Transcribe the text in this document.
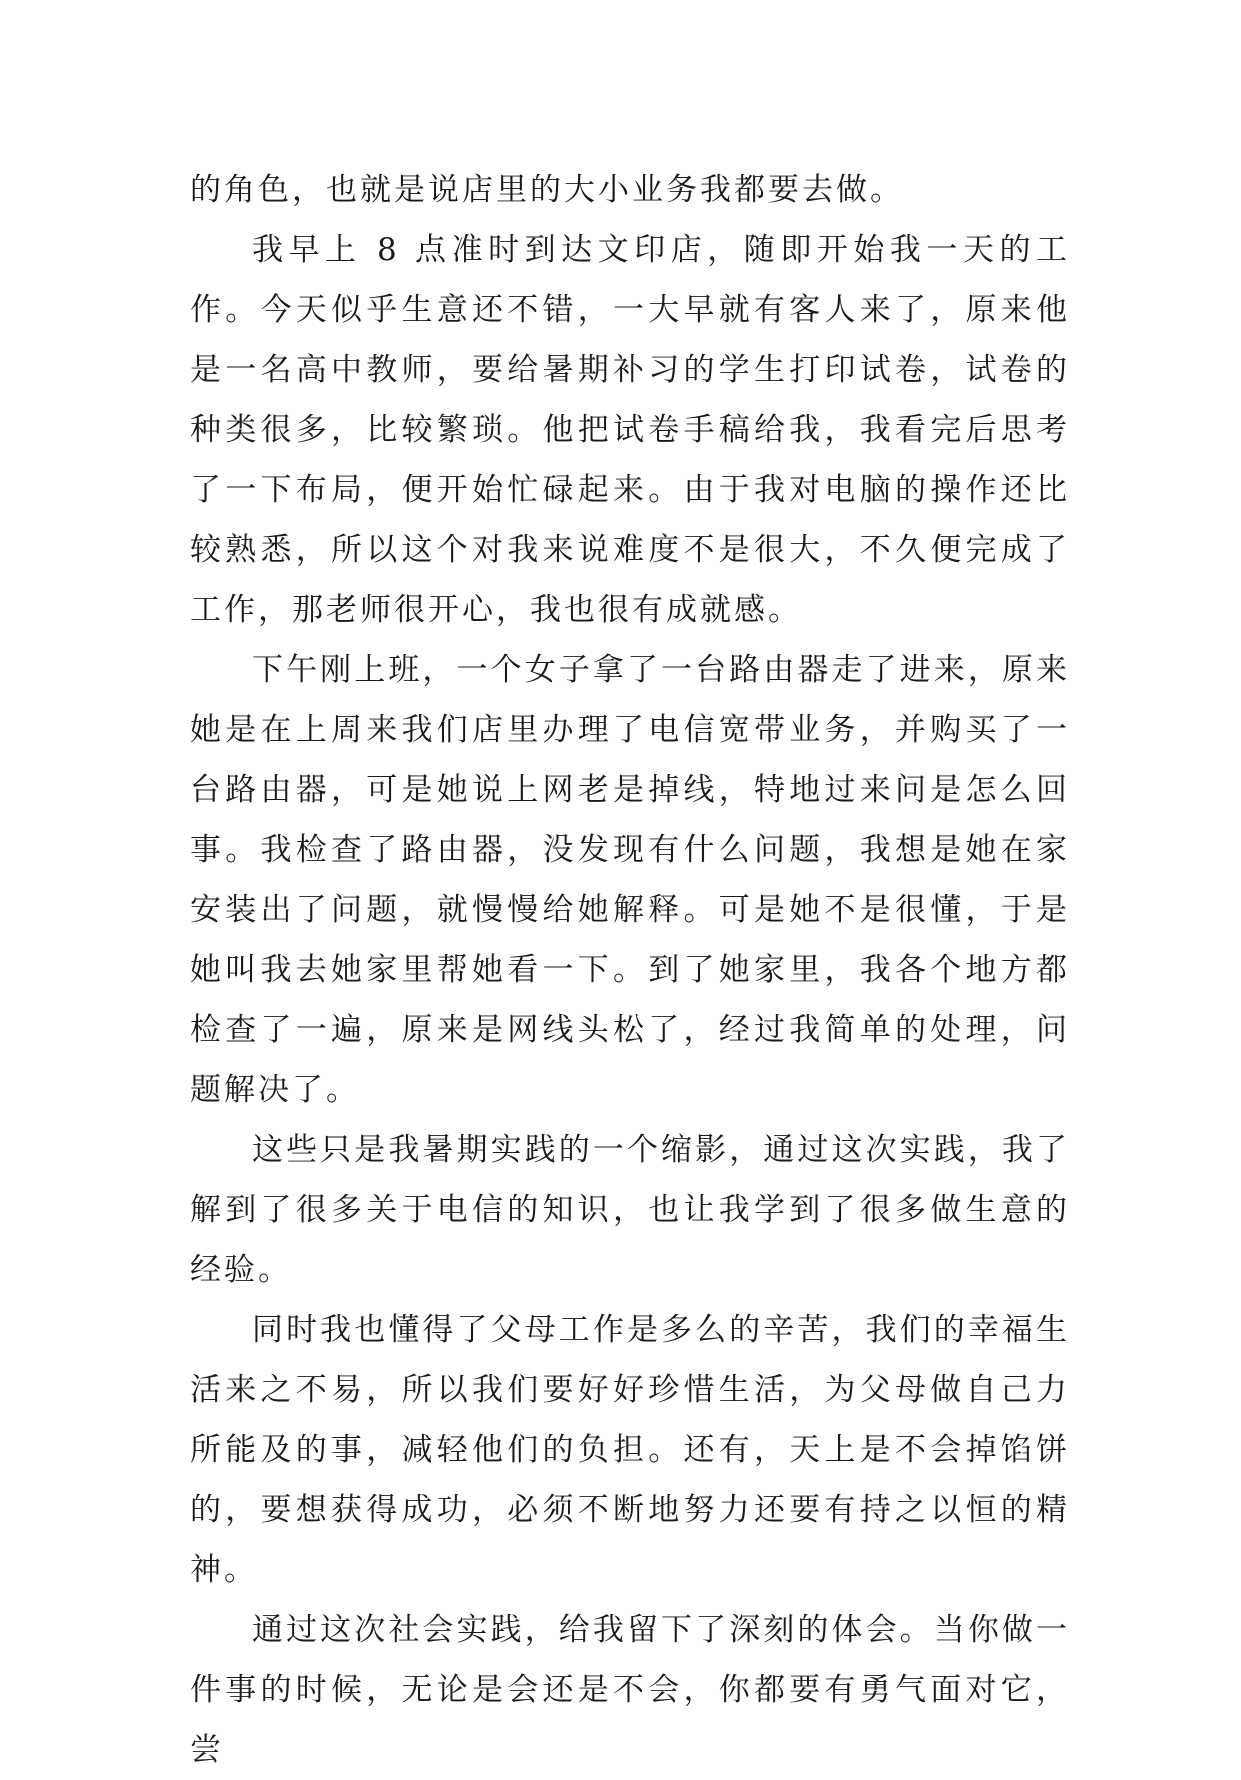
的角色，也就是说店里的大小业务我都要去做。

我早上 8 点准时到达文印店，随即开始我一天的工作。今天似乎生意还不错，一大早就有客人来了，原来他是一名高中教师，要给暑期补习的学生打印试卷，试卷的种类很多，比较繁琐。他把试卷手稿给我，我看完后思考了一下布局，便开始忙碌起来。由于我对电脑的操作还比较熟悉，所以这个对我来说难度不是很大，不久便完成了工作，那老师很开心，我也很有成就感。

下午刚上班，一个女子拿了一台路由器走了进来，原来她是在上周来我们店里办理了电信宽带业务，并购买了一台路由器，可是她说上网老是掉线，特地过来问是怎么回事。我检查了路由器，没发现有什么问题，我想是她在家安装出了问题，就慢慢给她解释。可是她不是很懂，于是她叫我去她家里帮她看一下。到了她家里，我各个地方都检查了一遍，原来是网线头松了，经过我简单的处理，问题解决了。

这些只是我暑期实践的一个缩影，通过这次实践，我了解到了很多关于电信的知识，也让我学到了很多做生意的经验。

同时我也懂得了父母工作是多么的辛苦，我们的幸福生活来之不易，所以我们要好好珍惜生活，为父母做自己力所能及的事，减轻他们的负担。还有，天上是不会掉馅饼的，要想获得成功，必须不断地努力还要有持之以恒的精神。

通过这次社会实践，给我留下了深刻的体会。当你做一件事的时候，无论是会还是不会，你都要有勇气面对它，尝
